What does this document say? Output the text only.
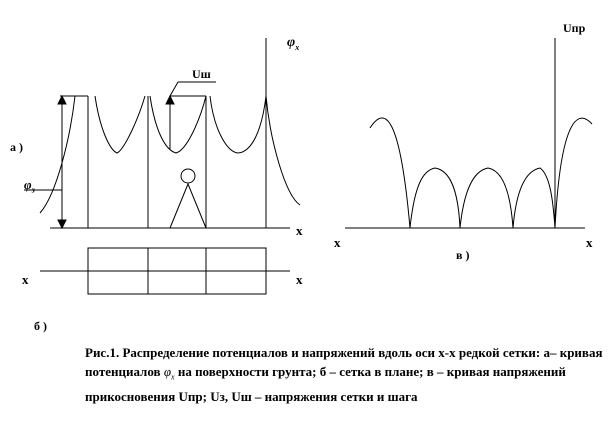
$\varphi_x$
Uш
а )
$\varphi_з$
x
x	x
б )
Uпр
x	x
в )
Рис.1. Распределение потенциалов и напряжений вдоль оси x-x редкой сетки: а– кривая потенциалов $\varphi_x$ на поверхности грунта; б – сетка в плане; в – кривая напряжений прикосновения Uпр; Uз, Uш – напряжения сетки и шага
